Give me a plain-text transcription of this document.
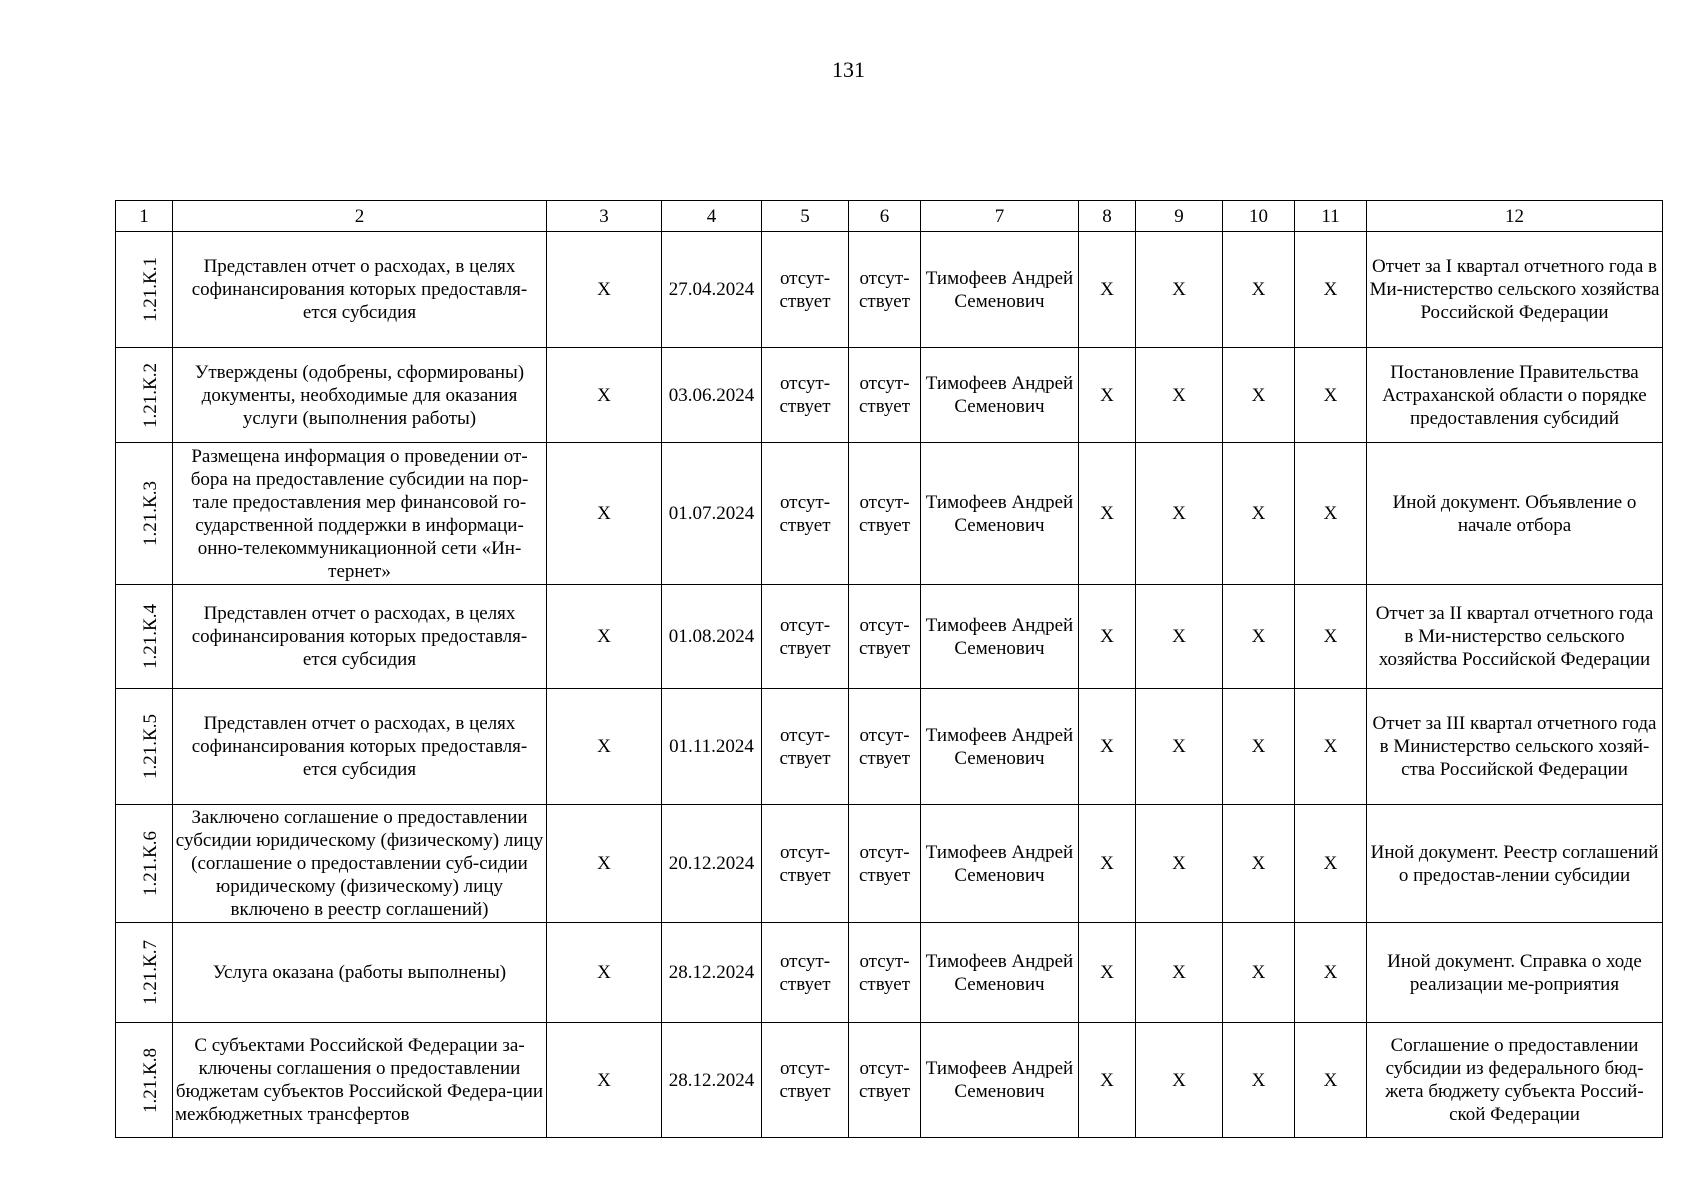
131
1	2	3	4	5	6	7	8	9	10	11	12
1.21.К.1	Представлен отчет о расходах, в целях софинансирования которых предоставля-ется субсидия	Х	27.04.2024	отсут-ствует	отсут-ствует	Тимофеев Андрей Семенович	Х	Х	Х	Х	Отчет за I квартал отчетного года в Ми-нистерство сельского хозяйства Российской Федерации
1.21.К.2	Утверждены (одобрены, сформированы) документы, необходимые для оказания услуги (выполнения работы)	Х	03.06.2024	отсут-ствует	отсут-ствует	Тимофеев Андрей Семенович	Х	Х	Х	Х	Постановление Правительства Астраханской области о порядке предоставления субсидий
1.21.К.3	Размещена информация о проведении от-бора на предоставление субсидии на пор-тале предоставления мер финансовой го-сударственной поддержки в информаци-онно-телекоммуникационной сети «Ин-тернет»	Х	01.07.2024	отсут-ствует	отсут-ствует	Тимофеев Андрей Семенович	Х	Х	Х	Х	Иной документ. Объявление о начале отбора
1.21.К.4	Представлен отчет о расходах, в целях софинансирования которых предоставля-ется субсидия	Х	01.08.2024	отсут-ствует	отсут-ствует	Тимофеев Андрей Семенович	Х	Х	Х	Х	Отчет за II квартал отчетного года в Ми-нистерство сельского хозяйства Российской Федерации
1.21.К.5	Представлен отчет о расходах, в целях софинансирования которых предоставля-ется субсидия	Х	01.11.2024	отсут-ствует	отсут-ствует	Тимофеев Андрей Семенович	Х	Х	Х	Х	Отчет за III квартал отчетного года в Министерство сельского хозяй-ства Российской Федерации
1.21.К.6	Заключено соглашение о предоставлении субсидии юридическому (физическому) лицу (соглашение о предоставлении суб-сидии юридическому (физическому) лицу включено в реестр соглашений)	Х	20.12.2024	отсут-ствует	отсут-ствует	Тимофеев Андрей Семенович	Х	Х	Х	Х	Иной документ. Реестр соглашений о предостав-лении субсидии
1.21.К.7	Услуга оказана (работы выполнены)	Х	28.12.2024	отсут-ствует	отсут-ствует	Тимофеев Андрей Семенович	Х	Х	Х	Х	Иной документ. Справка о ходе реализации ме-роприятия
1.21.К.8	С субъектами Российской Федерации за-ключены соглашения о предоставлении бюджетам субъектов Российской Федера-ции межбюджетных трансфертов	Х	28.12.2024	отсут-ствует	отсут-ствует	Тимофеев Андрей Семенович	Х	Х	Х	Х	Соглашение о предоставлении субсидии из федерального бюд-жета бюджету субъекта Россий-ской Федерации
